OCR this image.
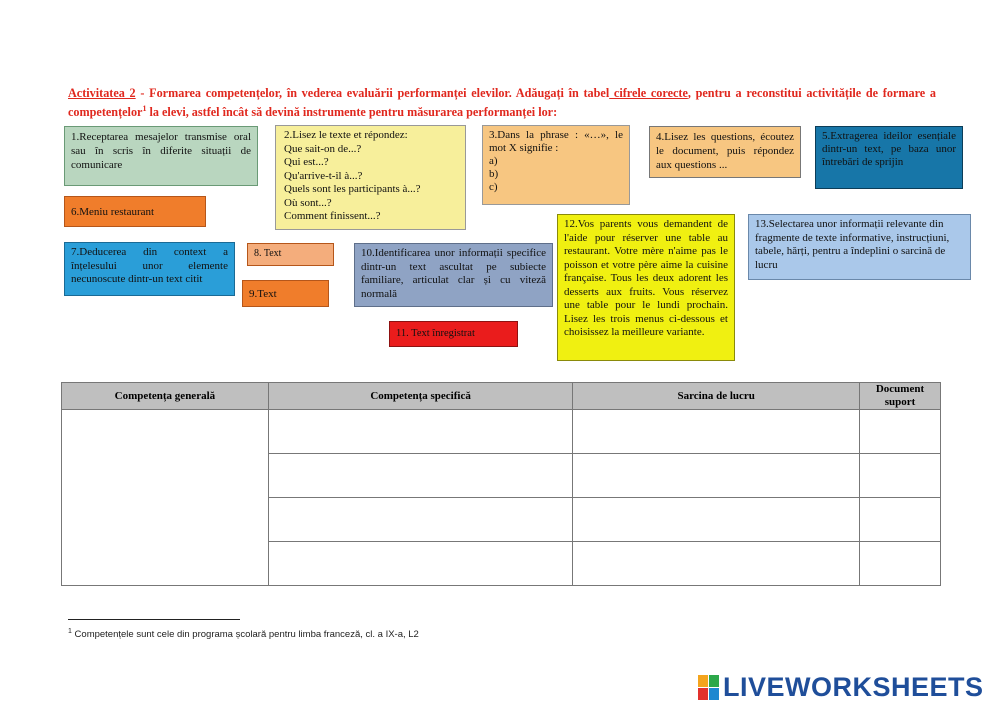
Activitatea 2 - Formarea competențelor, în vederea evaluării performanței elevilor. Adăugați în tabel cifrele corecte, pentru a reconstitui activitățile de formare a competențelor$^1$ la elevi, astfel încât să devină instrumente pentru măsurarea performanței lor:
1.Receptarea mesajelor transmise oral sau în scris în diferite situații de comunicare
2.Lisez le texte et répondez:
Que sait-on de...?
Qui est...?
Qu'arrive-t-il à...?
Quels sont les participants à...?
Où sont...?
Comment finissent...?
3.Dans la phrase : «…», le mot X signifie :
a)
b)
c)
4.Lisez les questions, écoutez le document, puis répondez aux questions ...
5.Extragerea ideilor esențiale dintr-un text, pe baza unor întrebări de sprijin
6.Meniu restaurant
7.Deducerea din context a înțelesului unor elemente necunoscute dintr-un text citit
8. Text
9.Text
10.Identificarea unor informații specifice dintr-un text ascultat pe subiecte familiare, articulat clar și cu viteză normală
11. Text înregistrat
12.Vos parents vous demandent de l'aide pour réserver une table au restaurant. Votre mère n'aime pas le poisson et votre père aime la cuisine française. Tous les deux adorent les desserts aux fruits. Vous réservez une table pour le lundi prochain. Lisez les trois menus ci-dessous et choisissez la meilleure variante.
13.Selectarea unor informații relevante din fragmente de texte informative, instrucțiuni, tabele, hărți, pentru a îndeplini o sarcină de lucru
Competența generală	Competența specifică	Sarcina de lucru	Document suport

$^1$ Competențele sunt cele din programa școlară pentru limba franceză, cl. a IX-a, L2
LIVEWORKSHEETS
